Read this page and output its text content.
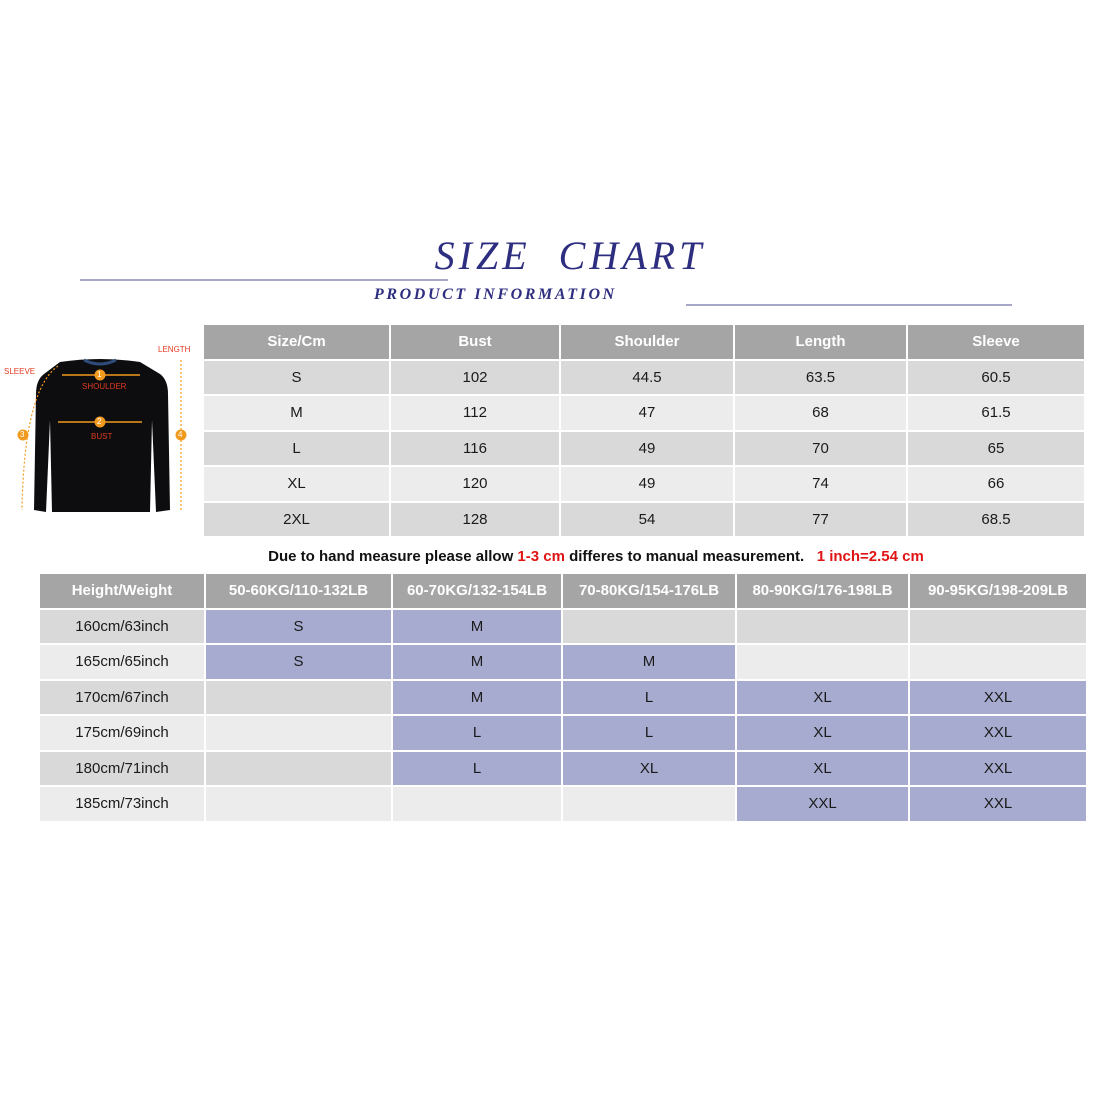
SIZE  CHART
PRODUCT INFORMATION
SLEEVE
LENGTH
SHOULDER
BUST
1
2
3	4
Size/Cm	Bust	Shoulder	Length	Sleeve
S	102	44.5	63.5	60.5
M	112	47	68	61.5
L	116	49	70	65
XL	120	49	74	66
2XL	128	54	77	68.5
Due to hand measure please allow 1-3 cm differes to manual measurement.   1 inch=2.54 cm
Height/Weight	50-60KG/110-132LB	60-70KG/132-154LB	70-80KG/154-176LB	80-90KG/176-198LB	90-95KG/198-209LB
160cm/63inch	S	M			
165cm/65inch	S	M	M		
170cm/67inch		M	L	XL	XXL
175cm/69inch		L	L	XL	XXL
180cm/71inch		L	XL	XL	XXL
185cm/73inch				XXL	XXL
